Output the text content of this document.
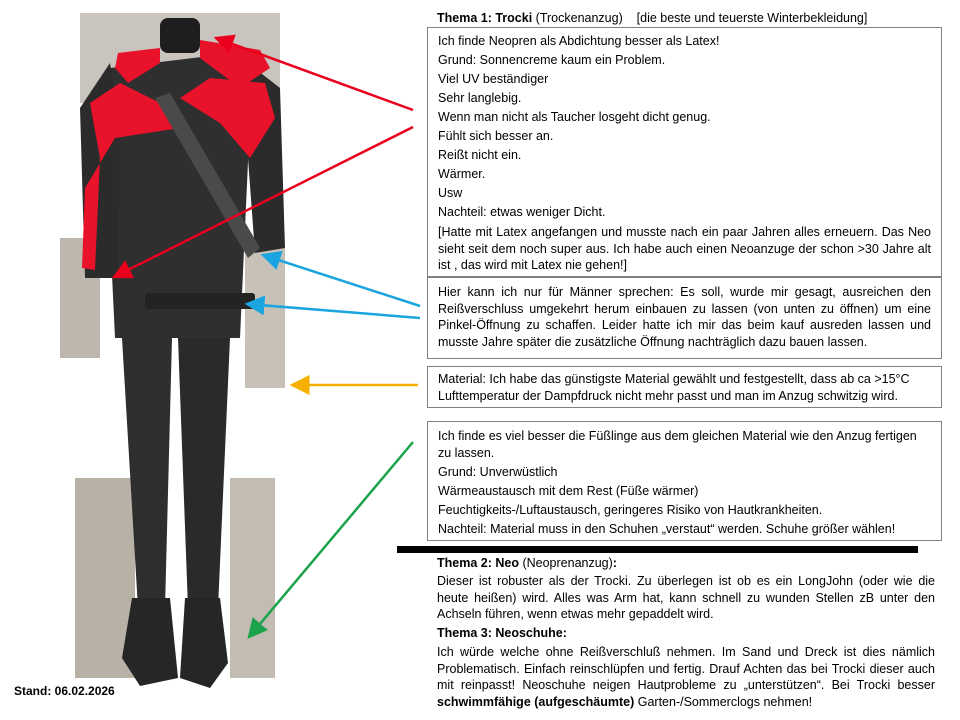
Thema 1: Trocki (Trockenanzug) [die beste und teuerste Winterbekleidung]

Ich finde Neopren als Abdichtung besser als Latex!

Grund: Sonnencreme kaum ein Problem.

Viel UV beständiger

Sehr langlebig.

Wenn man nicht als Taucher losgeht dicht genug.

Fühlt sich besser an.

Reißt nicht ein.

Wärmer.

Usw

Nachteil: etwas weniger Dicht.

[Hatte mit Latex angefangen und musste nach ein paar Jahren alles erneuern. Das Neo sieht seit dem noch super aus. Ich habe auch einen Neoanzuge der schon >30 Jahre alt ist , das wird mit Latex nie gehen!]

Hier kann ich nur für Männer sprechen: Es soll, wurde mir gesagt, ausreichen den Reißverschluss umgekehrt herum einbauen zu lassen (von unten zu öffnen) um eine Pinkel-Öffnung zu schaffen. Leider hatte ich mir das beim kauf ausreden lassen und musste Jahre später die zusätzliche Öffnung nachträglich dazu bauen lassen.

Material: Ich habe das günstigste Material gewählt und festgestellt, dass ab ca >15°C Lufttemperatur der Dampfdruck nicht mehr passt und man im Anzug schwitzig wird.

Ich finde es viel besser die Füßlinge aus dem gleichen Material wie den Anzug fertigen zu lassen.

Grund: Unverwüstlich

Wärmeaustausch mit dem Rest (Füße wärmer)

Feuchtigkeits-/Luftaustausch, geringeres Risiko von Hautkrankheiten.

Nachteil: Material muss in den Schuhen „verstaut“ werden. Schuhe größer wählen!

Thema 2: Neo (Neoprenanzug):

Dieser ist robuster als der Trocki. Zu überlegen ist ob es ein LongJohn (oder wie die heute heißen) wird. Alles was Arm hat, kann schnell zu wunden Stellen zB unter den Achseln führen, wenn etwas mehr gepaddelt wird.

Thema 3: Neoschuhe:

Ich würde welche ohne Reißverschluß nehmen. Im Sand und Dreck ist dies nämlich Problematisch. Einfach reinschlüpfen und fertig. Drauf Achten das bei Trocki dieser auch mit reinpasst! Neoschuhe neigen Hautprobleme zu „unterstützen“. Bei Trocki besser schwimmfähige (aufgeschäumte) Garten-/Sommerclogs nehmen!

Stand: 06.02.2026
